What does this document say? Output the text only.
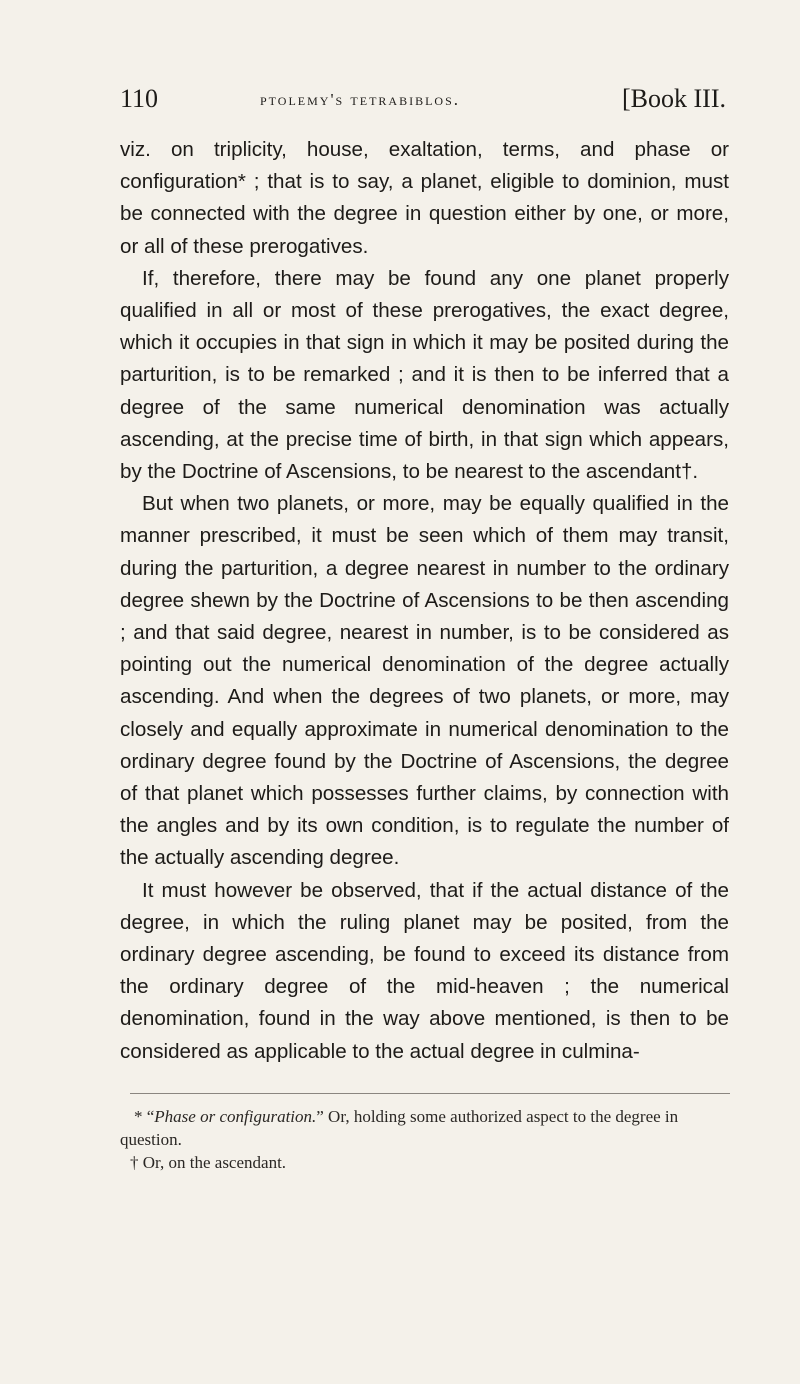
110	ptolemy's tetrabiblos.	[Book III.

viz. on triplicity, house, exaltation, terms, and phase or configuration* ; that is to say, a planet, eligible to dominion, must be connected with the degree in question either by one, or more, or all of these prerogatives.

If, therefore, there may be found any one planet properly qualified in all or most of these prerogatives, the exact degree, which it occupies in that sign in which it may be posited during the parturition, is to be remarked ; and it is then to be inferred that a degree of the same numerical denomination was actually ascending, at the precise time of birth, in that sign which appears, by the Doctrine of Ascensions, to be nearest to the ascendant†.

But when two planets, or more, may be equally qualified in the manner prescribed, it must be seen which of them may transit, during the parturition, a degree nearest in number to the ordinary degree shewn by the Doctrine of Ascensions to be then ascending ; and that said degree, nearest in number, is to be considered as pointing out the numerical denomination of the degree actually ascending. And when the degrees of two planets, or more, may closely and equally approximate in numerical denomination to the ordinary degree found by the Doctrine of Ascensions, the degree of that planet which possesses further claims, by connection with the angles and by its own condition, is to regulate the number of the actually ascending degree.

It must however be observed, that if the actual distance of the degree, in which the ruling planet may be posited, from the ordinary degree ascending, be found to exceed its distance from the ordinary degree of the mid-heaven ; the numerical denomination, found in the way above mentioned, is then to be considered as applicable to the actual degree in culmina-

* “Phase or configuration.” Or, holding some authorized aspect to the degree in question.

† Or, on the ascendant.
